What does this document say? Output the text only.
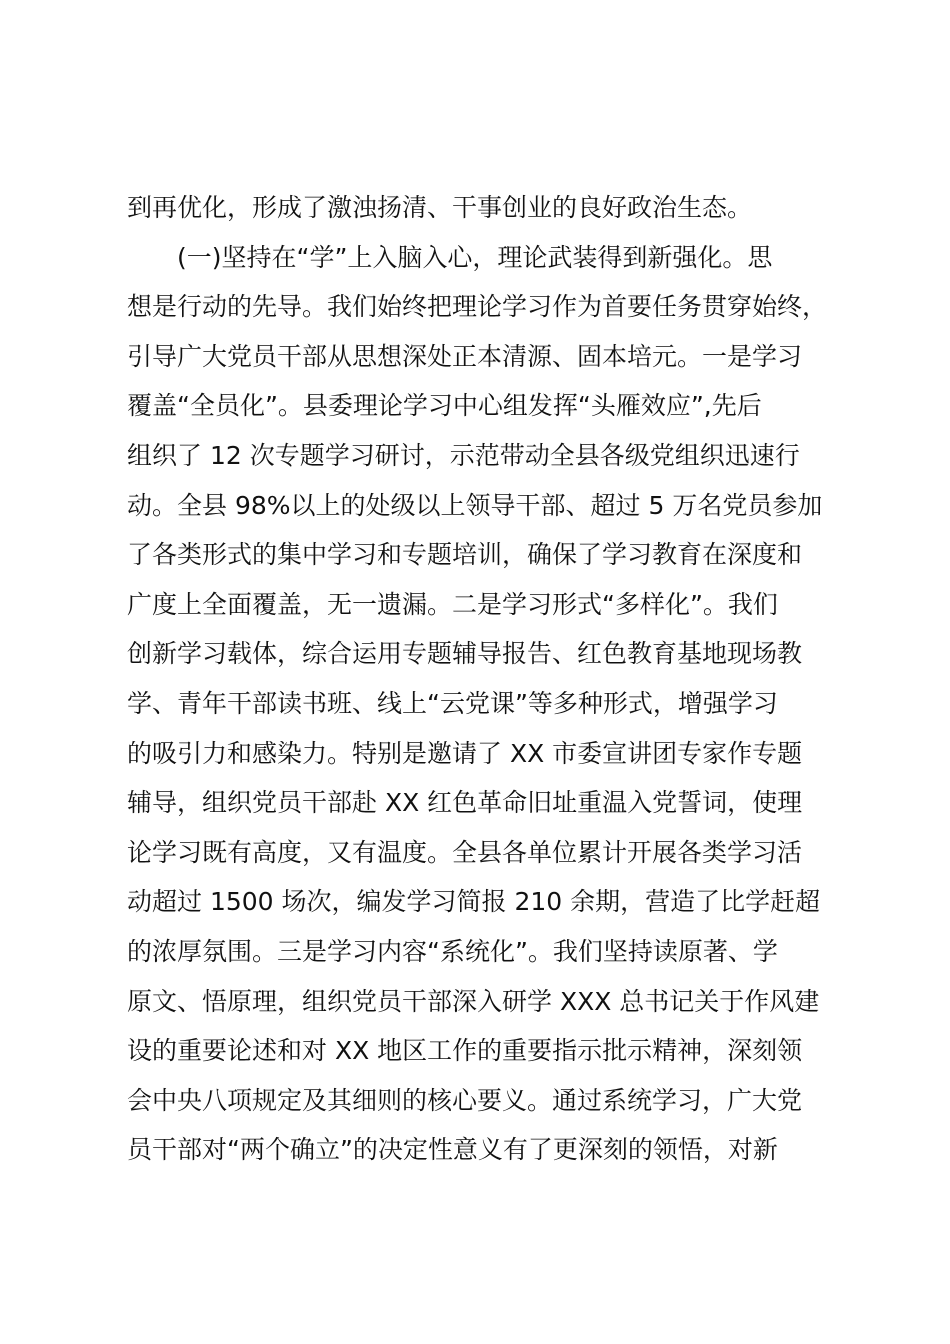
到再优化，形成了激浊扬清、干事创业的良好政治生态。
(一)坚持在“学”上入脑入心，理论武装得到新强化。思
想是行动的先导。我们始终把理论学习作为首要任务贯穿始终，
引导广大党员干部从思想深处正本清源、固本培元。一是学习
覆盖“全员化”。县委理论学习中心组发挥“头雁效应”,先后
组织了 12 次专题学习研讨，示范带动全县各级党组织迅速行
动。全县 98%以上的处级以上领导干部、超过 5 万名党员参加
了各类形式的集中学习和专题培训，确保了学习教育在深度和
广度上全面覆盖，无一遗漏。二是学习形式“多样化”。我们
创新学习载体，综合运用专题辅导报告、红色教育基地现场教
学、青年干部读书班、线上“云党课”等多种形式，增强学习
的吸引力和感染力。特别是邀请了 XX 市委宣讲团专家作专题
辅导，组织党员干部赴 XX 红色革命旧址重温入党誓词，使理
论学习既有高度，又有温度。全县各单位累计开展各类学习活
动超过 1500 场次，编发学习简报 210 余期，营造了比学赶超
的浓厚氛围。三是学习内容“系统化”。我们坚持读原著、学
原文、悟原理，组织党员干部深入研学 XXX 总书记关于作风建
设的重要论述和对 XX 地区工作的重要指示批示精神，深刻领
会中央八项规定及其细则的核心要义。通过系统学习，广大党
员干部对“两个确立”的决定性意义有了更深刻的领悟，对新
